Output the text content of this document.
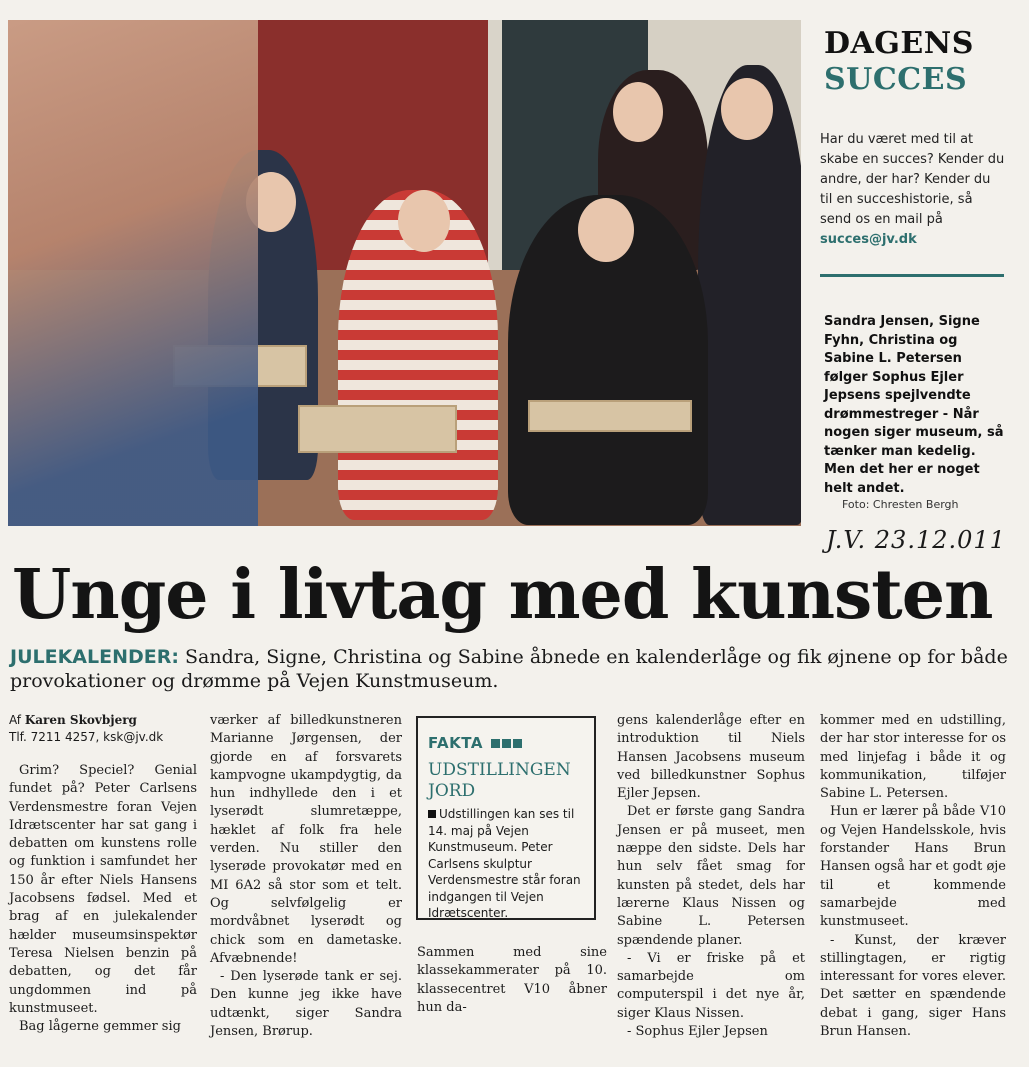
DAGENS
SUCCES
Har du været med til at skabe en succes? Kender du andre, der har? Kender du til en succeshistorie, så send os en mail på succes@jv.dk
Sandra Jensen, Signe Fyhn, Christina og Sabine L. Petersen følger Sophus Ejler Jepsens spejlvendte drømmestreger - Når nogen siger museum, så tænker man kedelig. Men det her er noget helt andet.
Foto: Chresten Bergh
J.V. 23.12.011
Unge i livtag med kunsten
JULEKALENDER: Sandra, Signe, Christina og Sabine åbnede en kalenderlåge og fik øjnene op for både provokationer og drømme på Vejen Kunstmuseum.

Af Karen Skovbjerg
Tlf. 7211 4257, ksk@jv.dk

Grim? Speciel? Genial fundet på? Peter Carlsens Verdensmestre foran Vejen Idrætscenter har sat gang i debatten om kunstens rolle og funktion i samfundet her 150 år efter Niels Hansens Jacobsens fødsel. Med et brag af en julekalender hælder museumsinspektør Teresa Nielsen benzin på debatten, og det får ungdommen ind på kunstmuseet.

Bag lågerne gemmer sig

værker af billedkunstneren Marianne Jørgensen, der gjorde en af forsvarets kampvogne ukampdygtig, da hun indhyllede den i et lyserødt slumretæppe, hæklet af folk fra hele verden. Nu stiller den lyserøde provokatør med en MI 6A2 så stor som et telt. Og selvfølgelig er mordvåbnet lyserødt og chick som en dametaske. Afvæbnende!

- Den lyserøde tank er sej. Den kunne jeg ikke have udtænkt, siger Sandra Jensen, Brørup.

FAKTA
UDSTILLINGEN JORD
Udstillingen kan ses til 14. maj på Vejen Kunstmuseum. Peter Carlsens skulptur Verdensmestre står foran indgangen til Vejen Idrætscenter.

Sammen med sine klassekammerater på 10. klassecentret V10 åbner hun da-

gens kalenderlåge efter en introduktion til Niels Hansen Jacobsens museum ved billedkunstner Sophus Ejler Jepsen.

Det er første gang Sandra Jensen er på museet, men næppe den sidste. Dels har hun selv fået smag for kunsten på stedet, dels har lærerne Klaus Nissen og Sabine L. Petersen spændende planer.

- Vi er friske på et samarbejde om computerspil i det nye år, siger Klaus Nissen.

- Sophus Ejler Jepsen

kommer med en udstilling, der har stor interesse for os med linjefag i både it og kommunikation, tilføjer Sabine L. Petersen.

Hun er lærer på både V10 og Vejen Handelsskole, hvis forstander Hans Brun Hansen også har et godt øje til et kommende samarbejde med kunstmuseet.

- Kunst, der kræver stillingtagen, er rigtig interessant for vores elever. Det sætter en spændende debat i gang, siger Hans Brun Hansen.
